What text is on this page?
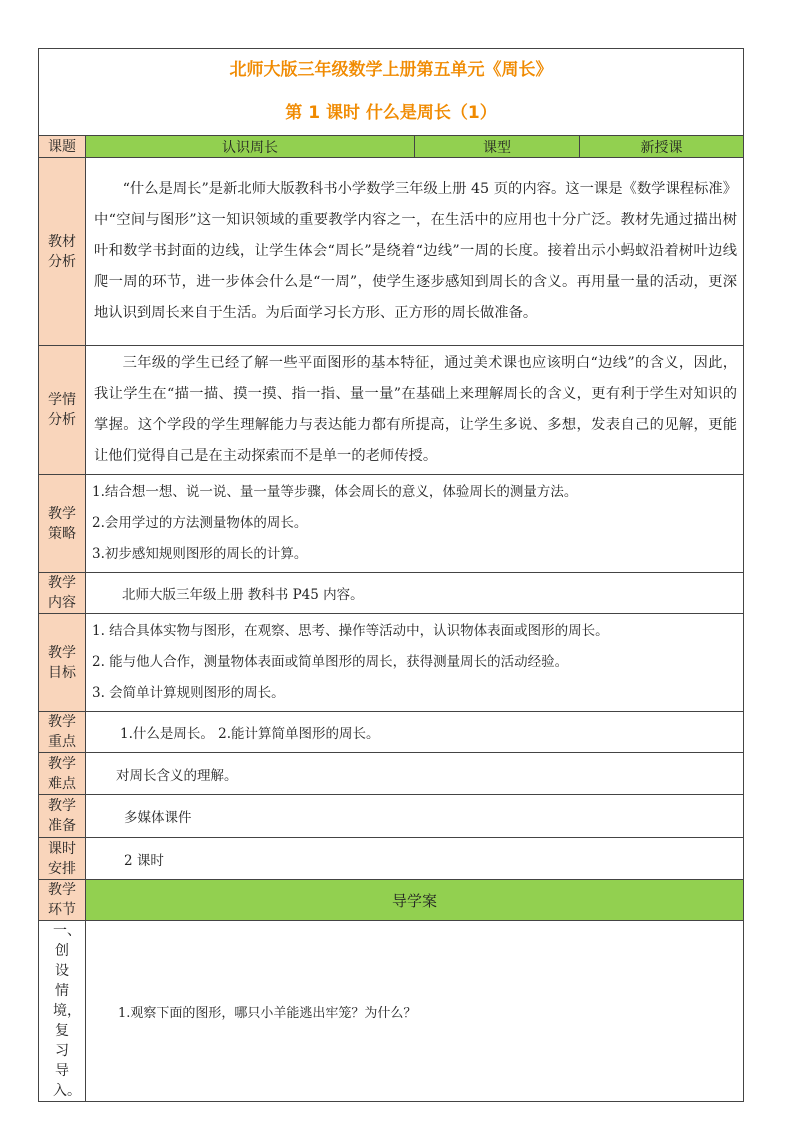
北师大版三年级数学上册第五单元《周长》
第 1 课时 什么是周长（1）			

课题	认识周长	课型	新授课

教材分析	“什么是周长”是新北师大版教科书小学数学三年级上册 45 页的内容。这一课是《数学课程标准》中“空间与图形”这一知识领域的重要教学内容之一，在生活中的应用也十分广泛。教材先通过描出树叶和数学书封面的边线，让学生体会“周长”是绕着“边线”一周的长度。接着出示小蚂蚁沿着树叶边线爬一周的环节，进一步体会什么是“一周”，使学生逐步感知到周长的含义。再用量一量的活动，更深地认识到周长来自于生活。为后面学习长方形、正方形的周长做准备。		

学情分析	三年级的学生已经了解一些平面图形的基本特征，通过美术课也应该明白“边线”的含义，因此，我让学生在“描一描、摸一摸、指一指、量一量”在基础上来理解周长的含义，更有利于学生对知识的掌握。这个学段的学生理解能力与表达能力都有所提高，让学生多说、多想，发表自己的见解，更能让他们觉得自己是在主动探索而不是单一的老师传授。		

教学策略	1.结合想一想、说一说、量一量等步骤，体会周长的意义，体验周长的测量方法。
2.会用学过的方法测量物体的周长。
3.初步感知规则图形的周长的计算。		

教学内容	北师大版三年级上册 教科书 P45 内容。		

教学目标	1. 结合具体实物与图形，在观察、思考、操作等活动中，认识物体表面或图形的周长。
2. 能与他人合作，测量物体表面或简单图形的周长，获得测量周长的活动经验。
3. 会简单计算规则图形的周长。		

教学重点	1.什么是周长。 2.能计算简单图形的周长。		

教学难点	对周长含义的理解。		

教学准备	多媒体课件		

课时安排	2 课时		

教学环节	导学案		

一、创设情境，复习导入。	1.观察下面的图形，哪只小羊能逃出牢笼？为什么？		
